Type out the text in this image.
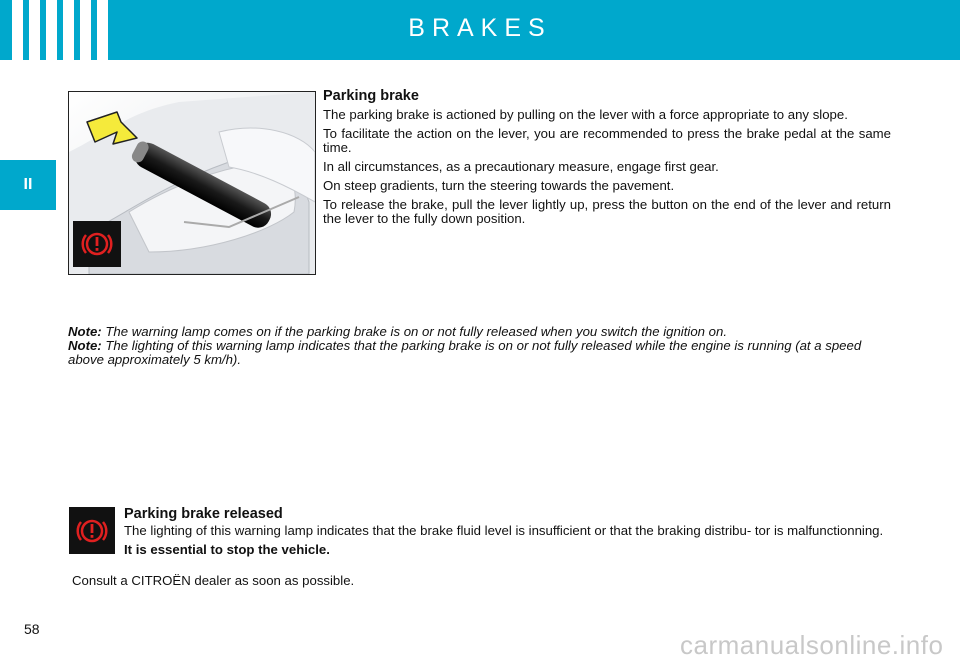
BRAKES
II
Parking brake

The parking brake is actioned by pulling on the lever with a force appropriate to any slope.

To facilitate the action on the lever, you are recommended to press the brake pedal at the same time.

In all circumstances, as a precautionary measure, engage first gear.

On steep gradients, turn the steering towards the pavement.

To release the brake, pull the lever lightly up, press the button on the end of the lever and return the lever to the fully down position.

Note: The warning lamp comes on if the parking brake is on or not fully released when you switch the ignition on.

Note: The lighting of this warning lamp indicates that the parking brake is on or not fully released while the engine is running (at a speed above approximately 5 km/h).

Parking brake released

The lighting of this warning lamp indicates that the brake fluid level is insufficient or that the braking distribu- tor is malfunctionning.

It is essential to stop the vehicle.

Consult a CITROËN dealer as soon as possible.
58
carmanualsonline.info
